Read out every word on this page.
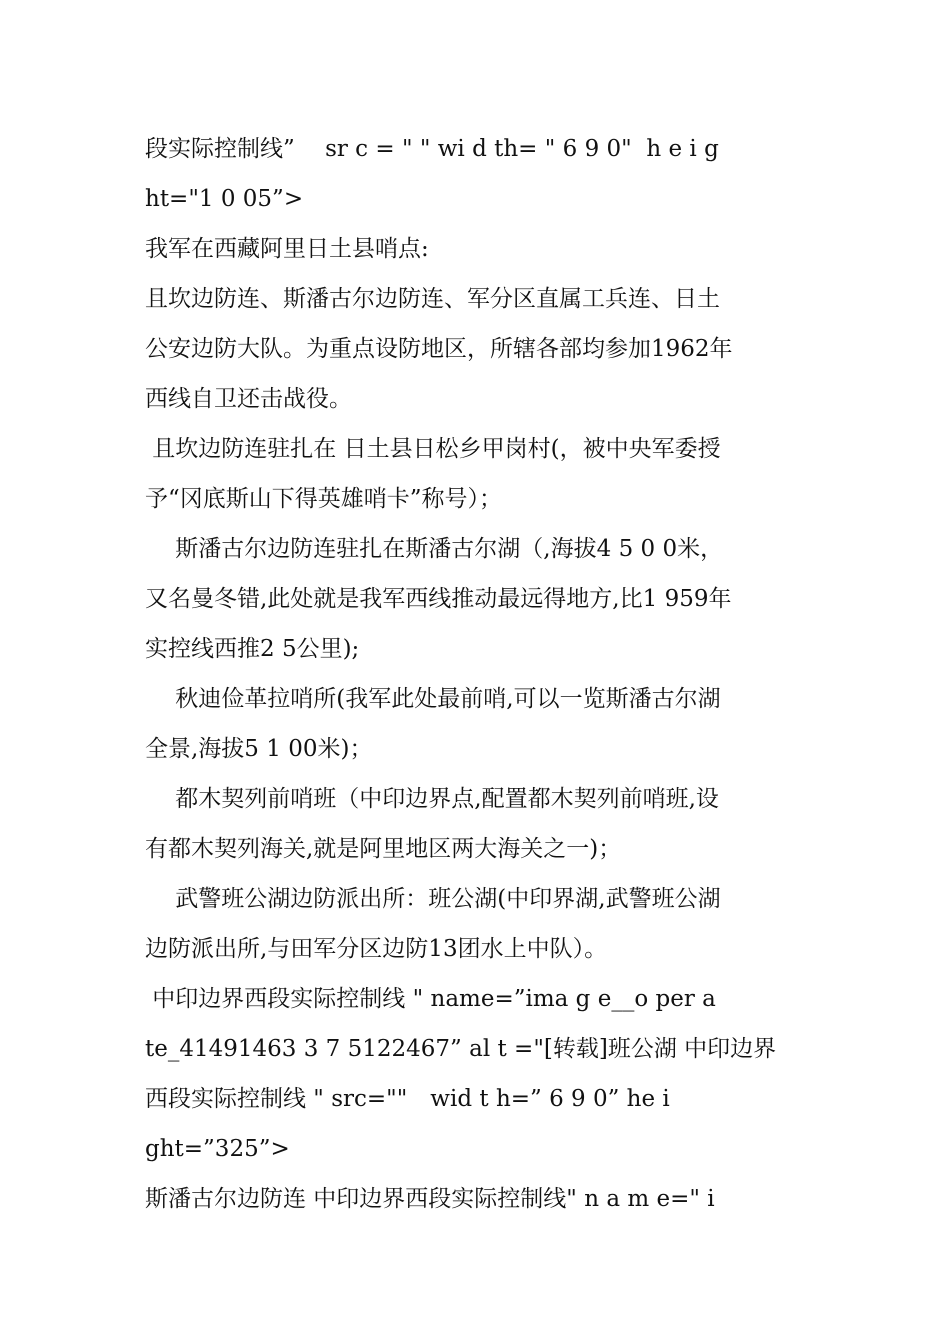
段实际控制线”　 sr c = " " wi d th= " 6 9 0"  h e i g
ht="1 0 05”>
我军在西藏阿里日土县哨点:
且坎边防连、斯潘古尔边防连、军分区直属工兵连、日土
公安边防大队。为重点设防地区，所辖各部均参加1962年
西线自卫还击战役。
且坎边防连驻扎在 日土县日松乡甲岗村(，被中央军委授
予“冈底斯山下得英雄哨卡”称号）；
　 斯潘古尔边防连驻扎在斯潘古尔湖（,海拔4 5 0 0米，
又名曼冬错,此处就是我军西线推动最远得地方,比1 959年
实控线西推2 5公里);
　秋迪俭革拉哨所(我军此处最前哨,可以一览斯潘古尔湖
全景,海拔5 1 00米)；
　都木契列前哨班（中印边界点,配置都木契列前哨班,设
有都木契列海关,就是阿里地区两大海关之一)；
　武警班公湖边防派出所：班公湖(中印界湖,武警班公湖
边防派出所,与田军分区边防13团水上中队）。
中印边界西段实际控制线 " name=”ima g e__o per a
te_41491463 3 7 5122467” al t ="[转载]班公湖 中印边界
西段实际控制线 " src=""　wid t h=” 6 9 0” he i
ght=”325”>
斯潘古尔边防连 中印边界西段实际控制线" n a m e=" i
